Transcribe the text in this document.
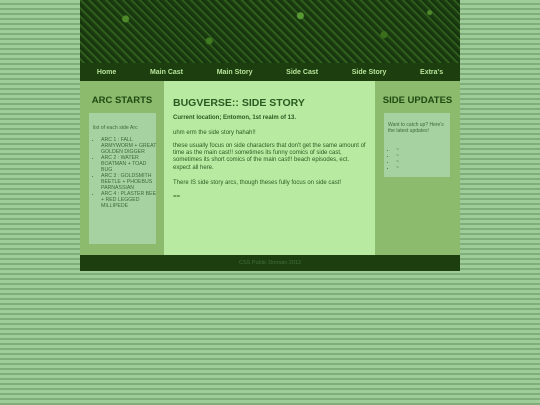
Home	Main Cast	Main Story	Side Cast	Side Story	Extra's
ARC STARTS
list of each side Arc
• ARC 1 : FALL ARMYWORM + GREAT GOLDEN DIGGER
• ARC 2 : WATER BOATMAN + TOAD BUG
• ARC 3 : GOLDSMITH BEETLE + PHOEBUS PARNASSIAN
• ARC 4 : PLASTER BEE + RED LEGGED MILLIPEDE
BUGVERSE:: SIDE STORY
Current location; Entomon, 1st realm of 13.

uhm erm the side story hahah!!

these usually focus on side characters that don't get the same amount of time as the main cast!! sometimes its funny comics of side cast, sometimes its short comics of the main cast!! beach episodes, ect. expect all here.

There IS side story arcs, though theses fully focus on side cast!

==

SIDE UPDATES
Want to catch up? Here's the latest updates!
• ~
• ~
• ~
• ~
CSS Public Domain 2012
